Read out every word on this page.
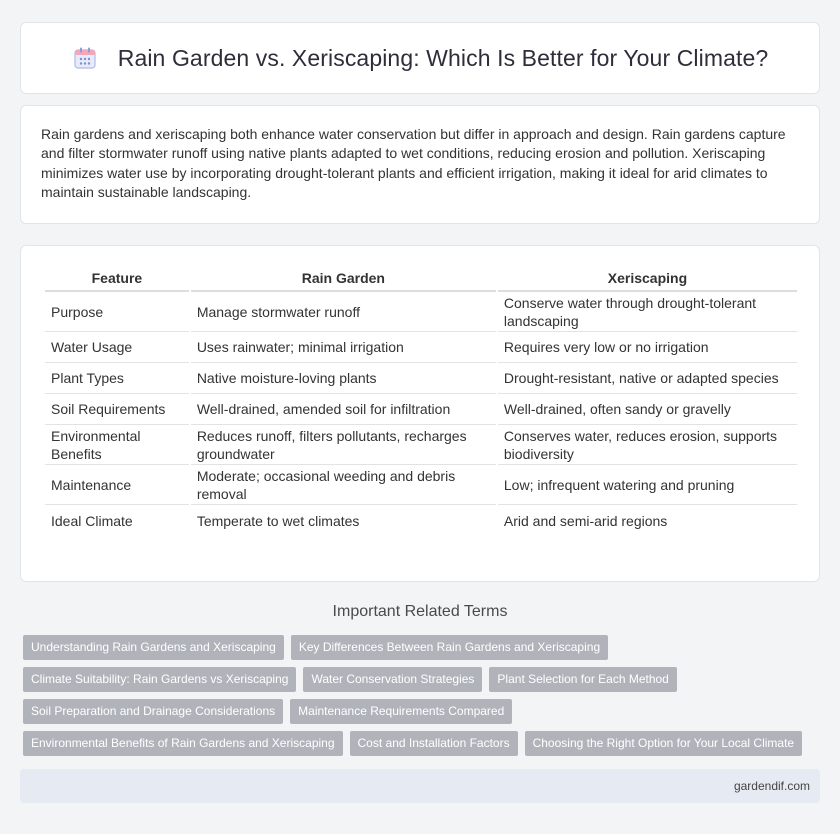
Rain Garden vs. Xeriscaping: Which Is Better for Your Climate?

Rain gardens and xeriscaping both enhance water conservation but differ in approach and design. Rain gardens capture and filter stormwater runoff using native plants adapted to wet conditions, reducing erosion and pollution. Xeriscaping minimizes water use by incorporating drought-tolerant plants and efficient irrigation, making it ideal for arid climates to maintain sustainable landscaping.

Feature	Rain Garden	Xeriscaping
Purpose	Manage stormwater runoff	Conserve water through drought-tolerant landscaping
Water Usage	Uses rainwater; minimal irrigation	Requires very low or no irrigation
Plant Types	Native moisture-loving plants	Drought-resistant, native or adapted species
Soil Requirements	Well-drained, amended soil for infiltration	Well-drained, often sandy or gravelly
Environmental Benefits	Reduces runoff, filters pollutants, recharges groundwater	Conserves water, reduces erosion, supports biodiversity
Maintenance	Moderate; occasional weeding and debris removal	Low; infrequent watering and pruning
Ideal Climate	Temperate to wet climates	Arid and semi-arid regions
Important Related Terms
Understanding Rain Gardens and Xeriscaping	Key Differences Between Rain Gardens and Xeriscaping
Climate Suitability: Rain Gardens vs Xeriscaping	Water Conservation Strategies	Plant Selection for Each Method
Soil Preparation and Drainage Considerations	Maintenance Requirements Compared
Environmental Benefits of Rain Gardens and Xeriscaping	Cost and Installation Factors	Choosing the Right Option for Your Local Climate
gardendif.com
